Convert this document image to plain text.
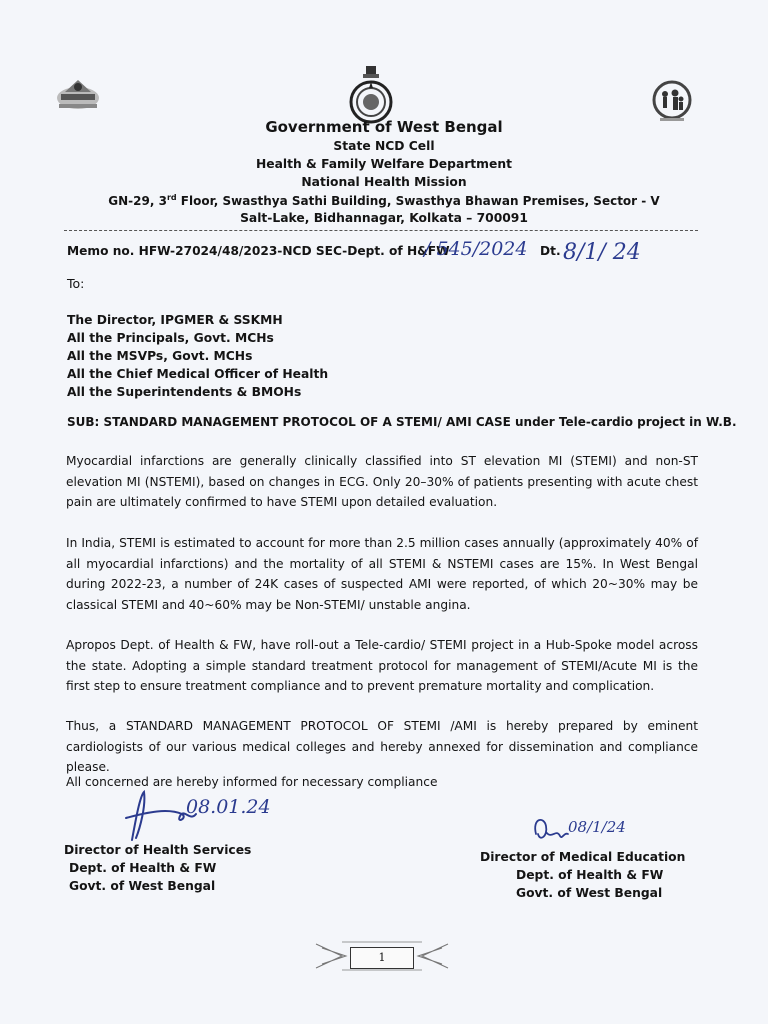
Government of West Bengal
State NCD Cell
Health & Family Welfare Department
National Health Mission
GN-29, 3rd Floor, Swasthya Sathi Building, Swasthya Bhawan Premises, Sector - V
Salt-Lake, Bidhannagar, Kolkata – 700091
Memo no. HFW-27024/48/2023-NCD SEC-Dept. of H&FW
/ 545/2024 Dt. 8/1/ 24
To:
The Director, IPGMER & SSKMH
All the Principals, Govt. MCHs
All the MSVPs, Govt. MCHs
All the Chief Medical Officer of Health
All the Superintendents & BMOHs
SUB: STANDARD MANAGEMENT PROTOCOL OF A STEMI/ AMI CASE under Tele-cardio project in W.B.
Myocardial infarctions are generally clinically classified into ST elevation MI (STEMI) and non-ST elevation MI (NSTEMI), based on changes in ECG. Only 20–30% of patients presenting with acute chest pain are ultimately confirmed to have STEMI upon detailed evaluation.
In India, STEMI is estimated to account for more than 2.5 million cases annually (approximately 40% of all myocardial infarctions) and the mortality of all STEMI & NSTEMI cases are 15%. In West Bengal during 2022-23, a number of 24K cases of suspected AMI were reported, of which 20~30% may be classical STEMI and 40~60% may be Non-STEMI/ unstable angina.
Apropos Dept. of Health & FW, have roll-out a Tele-cardio/ STEMI project in a Hub-Spoke model across the state. Adopting a simple standard treatment protocol for management of STEMI/Acute MI is the first step to ensure treatment compliance and to prevent premature mortality and complication.
Thus, a STANDARD MANAGEMENT PROTOCOL OF STEMI /AMI is hereby prepared by eminent cardiologists of our various medical colleges and hereby annexed for dissemination and compliance please.
All concerned are hereby informed for necessary compliance
08.01.24
08/1/24
Director of Health Services
Dept. of Health & FW
Govt. of West Bengal
Director of Medical Education
Dept. of Health & FW
Govt. of West Bengal
1
